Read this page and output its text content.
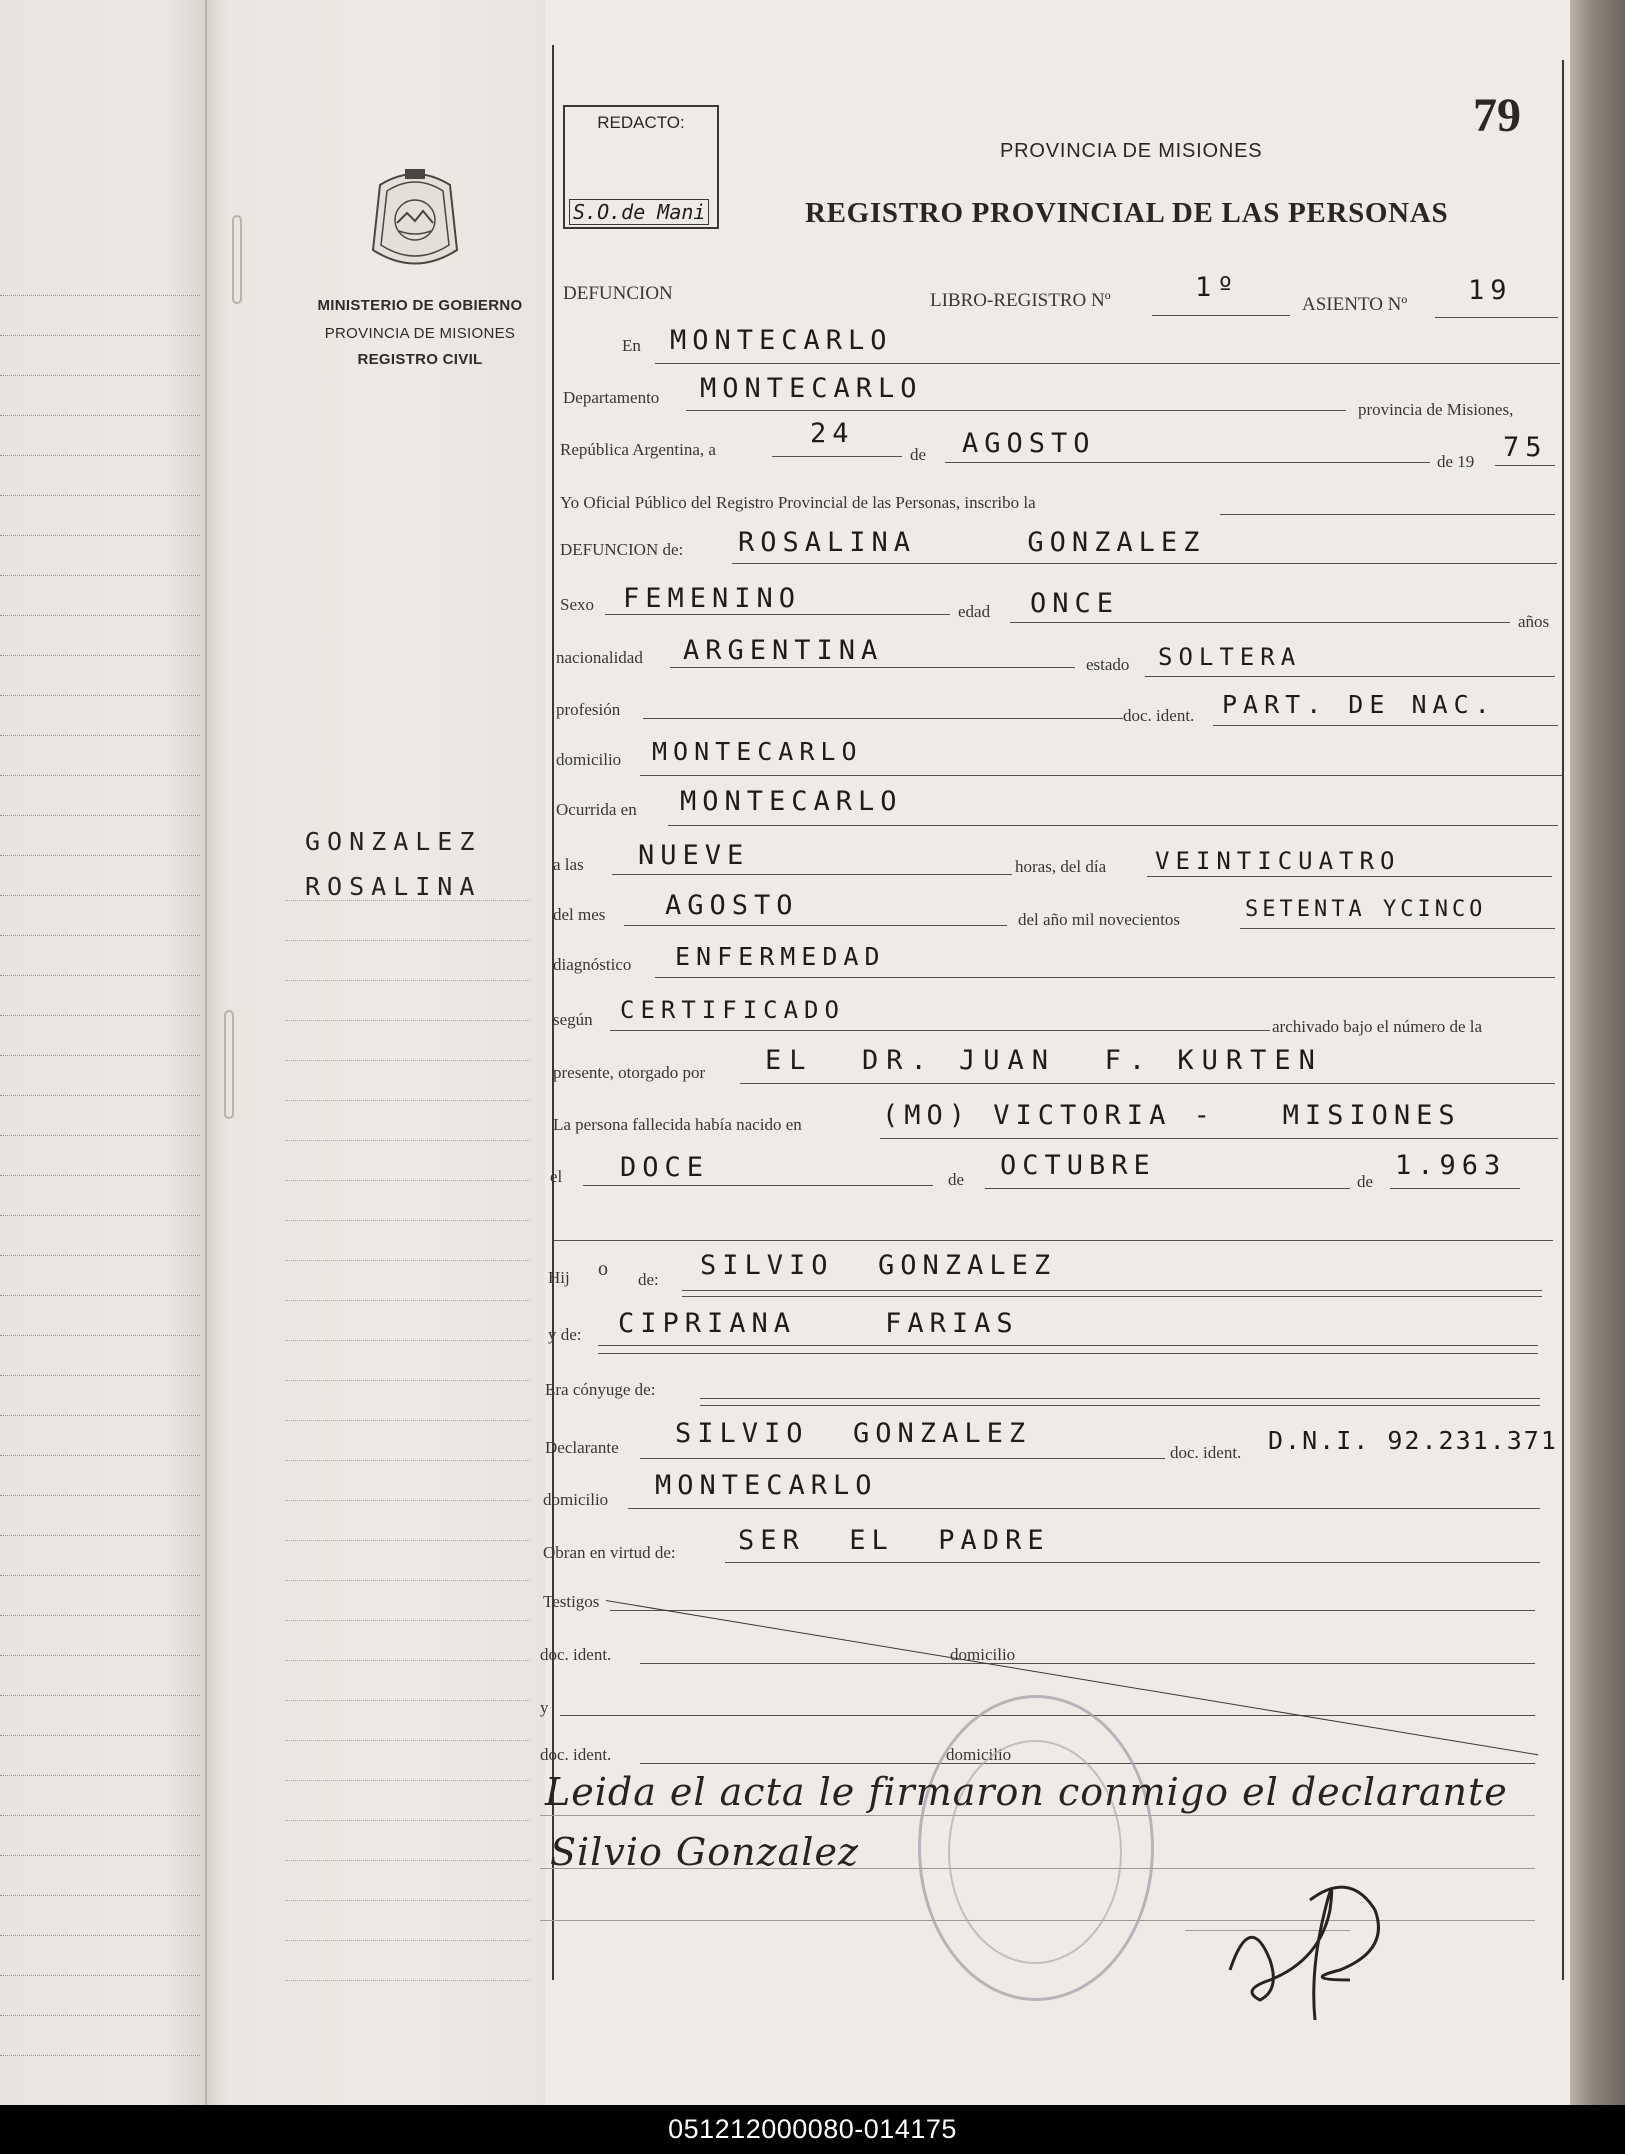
MINISTERIO DE GOBIERNO
PROVINCIA DE MISIONES
REGISTRO CIVIL
GONZALEZ
ROSALINA
REDACTO:
S.O.de Mani
79
PROVINCIA DE MISIONES
REGISTRO PROVINCIAL DE LAS PERSONAS
DEFUNCION	LIBRO-REGISTRO Nº	1º
ASIENTO Nº 19
En MONTECARLO
Departamento MONTECARLO
provincia de Misiones,
República Argentina, a
24
de AGOSTO
de 19 75
Yo Oficial Público del Registro Provincial de las Personas, inscribo la
DEFUNCION de: ROSALINA     GONZALEZ
Sexo FEMENINO	edad ONCE
años
nacionalidad ARGENTINA	estado SOLTERA
profesión	doc. ident. PART. DE NAC.
domicilio MONTECARLO
Ocurrida en MONTECARLO
a las NUEVE	horas, del día VEINTICUATRO
del mes AGOSTO	del año mil novecientos	SETENTA YCINCO
diagnóstico ENFERMEDAD
según CERTIFICADO
archivado bajo el número de la
presente, otorgado por EL  DR. JUAN  F. KURTEN
La persona fallecida había nacido en	(MO) VICTORIA -   MISIONES
el DOCE	de OCTUBRE
de
1.963
Hij o de: SILVIO  GONZALEZ
y de: CIPRIANA    FARIAS
Era cónyuge de:
Declarante SILVIO  GONZALEZ
doc. ident. D.N.I. 92.231.371
domicilio MONTECARLO
Obran en virtud de: SER  EL  PADRE
Testigos
doc. ident.	domicilio
y
doc. ident.	domicilio
Leida el acta le firmaron conmigo el declarante
Silvio Gonzalez
051212000080-014175
